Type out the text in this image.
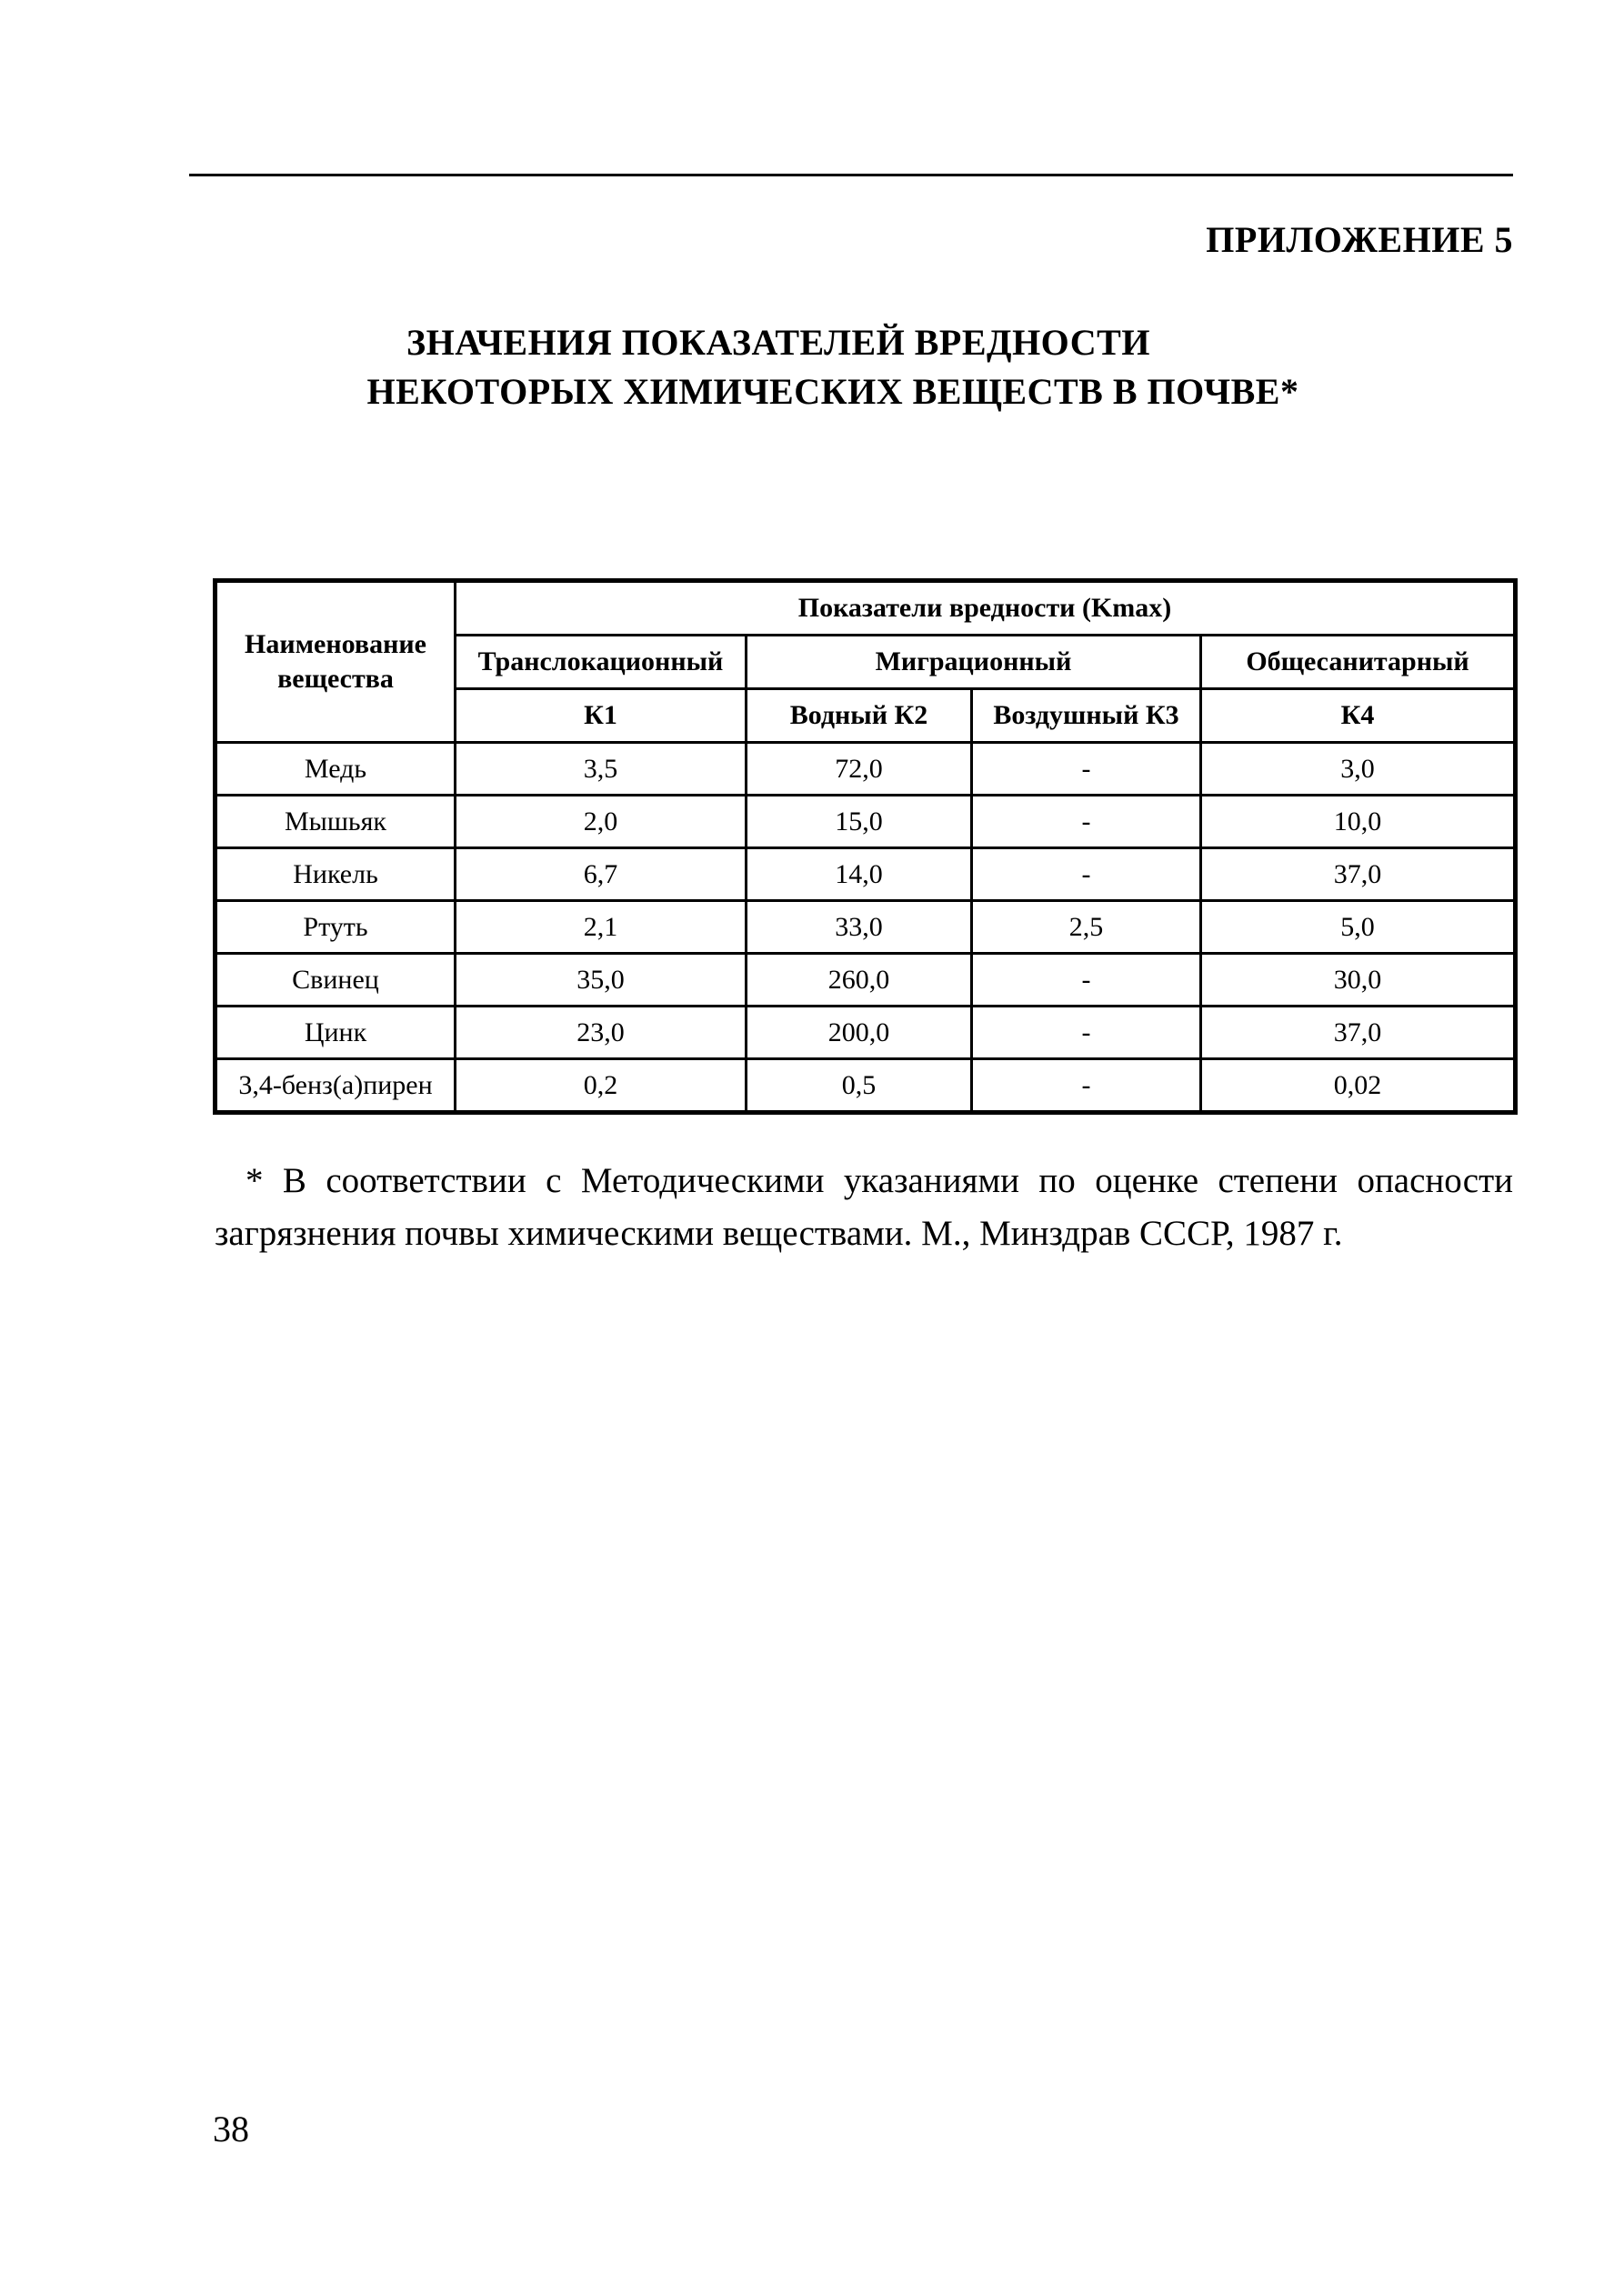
ПРИЛОЖЕНИЕ 5
ЗНАЧЕНИЯ ПОКАЗАТЕЛЕЙ ВРЕДНОСТИ
НЕКОТОРЫХ ХИМИЧЕСКИХ ВЕЩЕСТВ В ПОЧВЕ*
Наименование вещества	Показатели вредности (Kmax)			
	Транслокационный	Миграционный		Общесанитарный
	К1	Водный К2	Воздушный К3	К4
Медь	3,5	72,0	-	3,0
Мышьяк	2,0	15,0	-	10,0
Никель	6,7	14,0	-	37,0
Ртуть	2,1	33,0	2,5	5,0
Свинец	35,0	260,0	-	30,0
Цинк	23,0	200,0	-	37,0
3,4-бенз(а)пирен	0,2	0,5	-	0,02
* В соответствии с Методическими указаниями по оценке степени опасности загрязнения почвы химическими веществами. М., Минздрав СССР, 1987 г.
38
